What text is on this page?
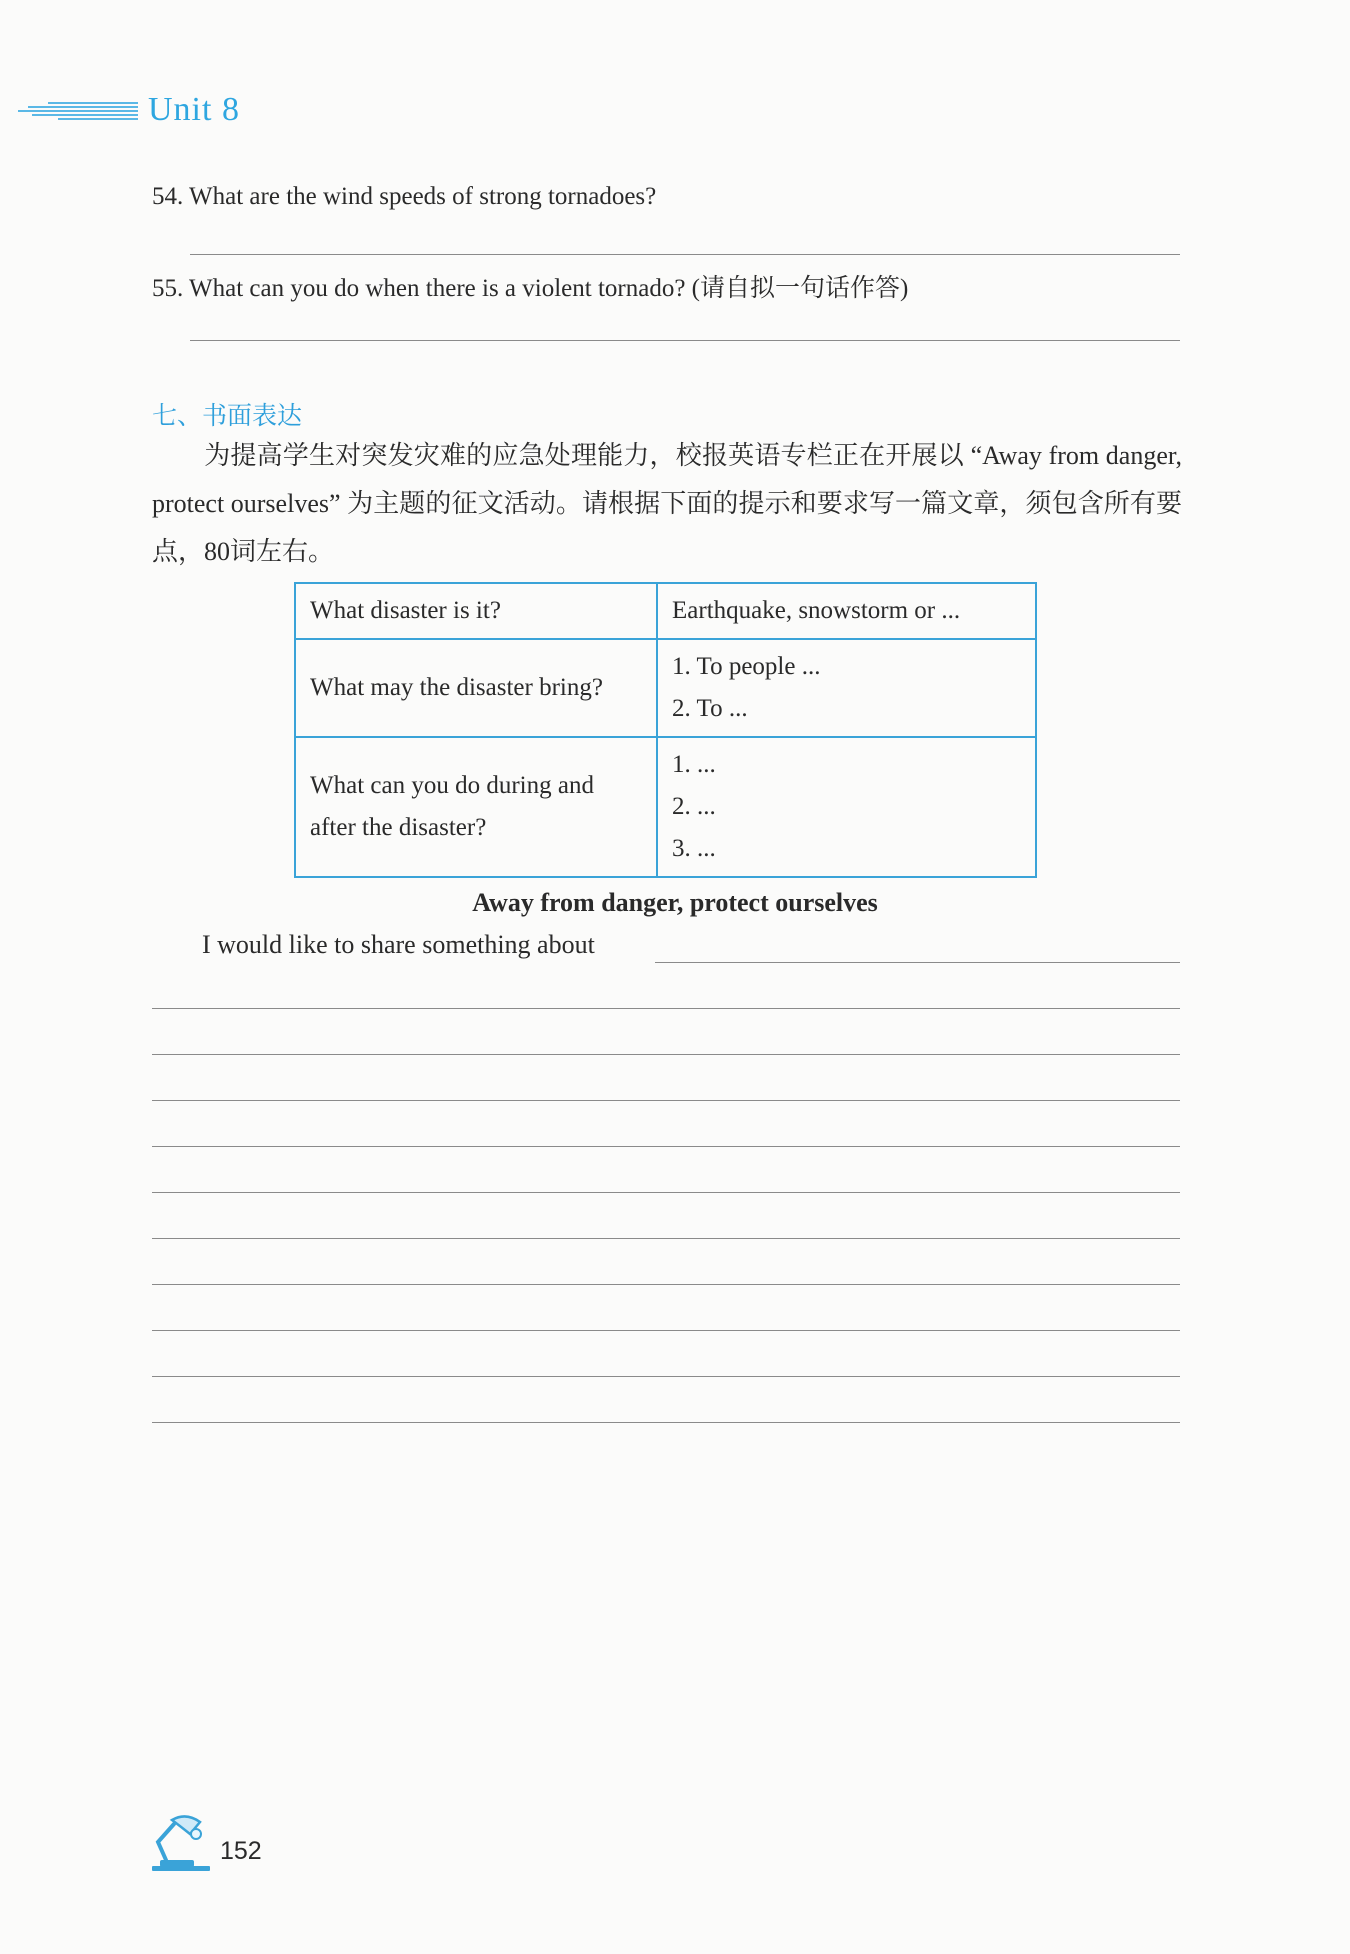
Unit 8
54. What are the wind speeds of strong tornadoes?
55. What can you do when there is a violent tornado? (请自拟一句话作答)
七、书面表达
为提高学生对突发灾难的应急处理能力，校报英语专栏正在开展以 “Away from danger, protect ourselves” 为主题的征文活动。请根据下面的提示和要求写一篇文章，须包含所有要点，80词左右。
What disaster is it?	Earthquake, snowstorm or ...

What may the disaster bring?	1. To people ...
2. To ...

What can you do during and after the disaster?	1. ...
2. ...
3. ...
Away from danger, protect ourselves
I would like to share something about
152
